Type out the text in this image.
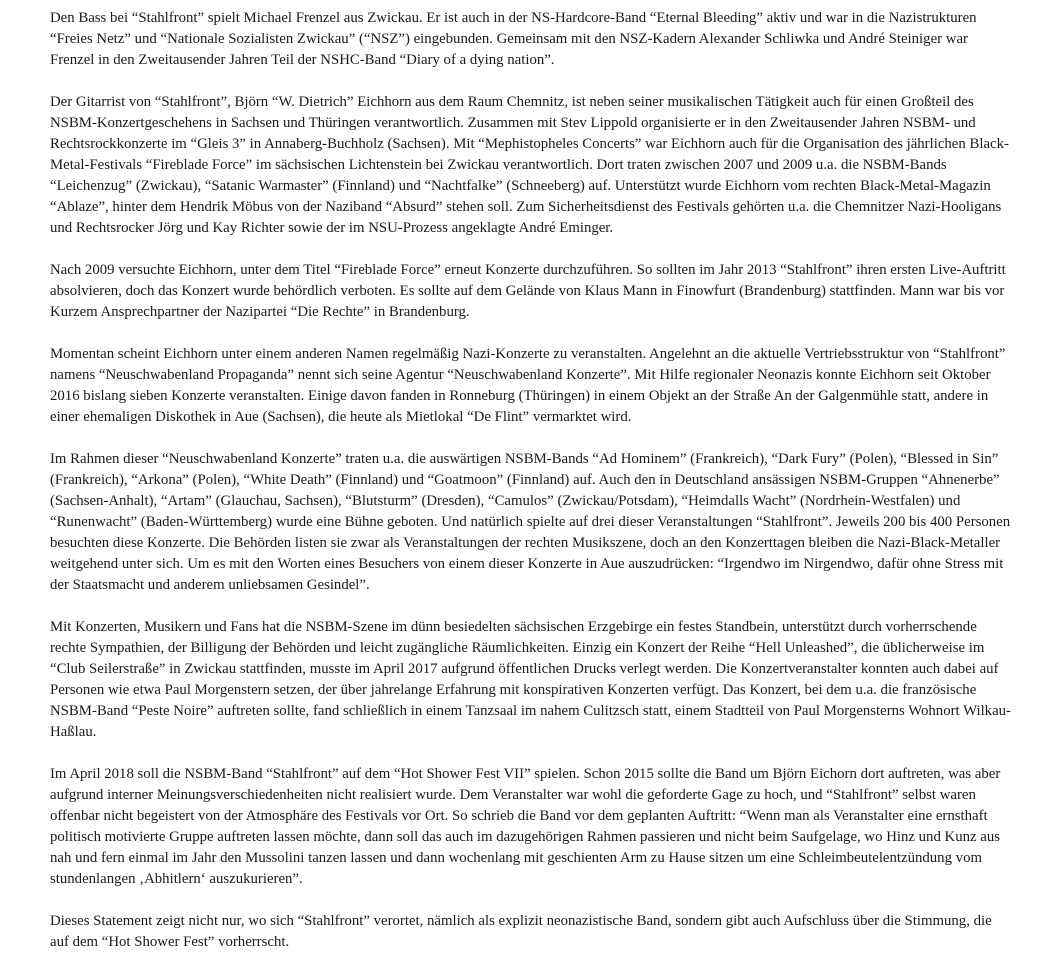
Den Bass bei “Stahlfront” spielt Michael Frenzel aus Zwickau. Er ist auch in der NS-Hardcore-Band “Eternal Bleeding” aktiv und war in die Nazistrukturen “Freies Netz” und “Nationale Sozialisten Zwickau” (“NSZ”) eingebunden. Gemeinsam mit den NSZ-Kadern Alexander Schliwka und André Steiniger war Frenzel in den Zweitausender Jahren Teil der NSHC-Band “Diary of a dying nation”.

Der Gitarrist von “Stahlfront”, Björn “W. Dietrich” Eichhorn aus dem Raum Chemnitz, ist neben seiner musikalischen Tätigkeit auch für einen Großteil des NSBM-Konzertgeschehens in Sachsen und Thüringen verantwortlich. Zusammen mit Stev Lippold organisierte er in den Zweitausender Jahren NSBM- und Rechtsrockkonzerte im “Gleis 3” in Annaberg-Buchholz (Sachsen). Mit “Mephistopheles Concerts” war Eichhorn auch für die Organisation des jährlichen Black-Metal-Festivals “Fireblade Force” im sächsischen Lichtenstein bei Zwickau verantwortlich. Dort traten zwischen 2007 und 2009 u.a. die NSBM-Bands “Leichenzug” (Zwickau), “Satanic Warmaster” (Finnland) und “Nachtfalke” (Schneeberg) auf. Unterstützt wurde Eichhorn vom rechten Black-Metal-Magazin “Ablaze”, hinter dem Hendrik Möbus von der Naziband “Absurd” stehen soll. Zum Sicherheitsdienst des Festivals gehörten u.a. die Chemnitzer Nazi-Hooligans und Rechtsrocker Jörg und Kay Richter sowie der im NSU-Prozess angeklagte André Eminger.

Nach 2009 versuchte Eichhorn, unter dem Titel “Fireblade Force” erneut Konzerte durchzuführen. So sollten im Jahr 2013 “Stahlfront” ihren ersten Live-Auftritt absolvieren, doch das Konzert wurde behördlich verboten. Es sollte auf dem Gelände von Klaus Mann in Finowfurt (Brandenburg) stattfinden. Mann war bis vor Kurzem Ansprechpartner der Nazipartei “Die Rechte” in Brandenburg.

Momentan scheint Eichhorn unter einem anderen Namen regelmäßig Nazi-Konzerte zu veranstalten. Angelehnt an die aktuelle Vertriebsstruktur von “Stahlfront” namens “Neuschwabenland Propaganda” nennt sich seine Agentur “Neuschwabenland Konzerte”. Mit Hilfe regionaler Neonazis konnte Eichhorn seit Oktober 2016 bislang sieben Konzerte veranstalten. Einige davon fanden in Ronneburg (Thüringen) in einem Objekt an der Straße An der Galgenmühle statt, andere in einer ehemaligen Diskothek in Aue (Sachsen), die heute als Mietlokal “De Flint” vermarktet wird.

Im Rahmen dieser “Neuschwabenland Konzerte” traten u.a. die auswärtigen NSBM-Bands “Ad Hominem” (Frankreich), “Dark Fury” (Polen), “Blessed in Sin” (Frankreich), “Arkona” (Polen), “White Death” (Finnland) und “Goatmoon” (Finnland) auf. Auch den in Deutschland ansässigen NSBM-Gruppen “Ahnenerbe” (Sachsen-Anhalt), “Artam” (Glauchau, Sachsen), “Blutsturm” (Dresden), “Camulos” (Zwickau/Potsdam), “Heimdalls Wacht” (Nordrhein-Westfalen) und “Runenwacht” (Baden-Württemberg) wurde eine Bühne geboten. Und natürlich spielte auf drei dieser Veranstaltungen “Stahlfront”. Jeweils 200 bis 400 Personen besuchten diese Konzerte. Die Behörden listen sie zwar als Veranstaltungen der rechten Musikszene, doch an den Konzerttagen bleiben die Nazi-Black-Metaller weitgehend unter sich. Um es mit den Worten eines Besuchers von einem dieser Konzerte in Aue auszudrücken: “Irgendwo im Nirgendwo, dafür ohne Stress mit der Staatsmacht und anderem unliebsamen Gesindel”.

Mit Konzerten, Musikern und Fans hat die NSBM-Szene im dünn besiedelten sächsischen Erzgebirge ein festes Standbein, unterstützt durch vorherrschende rechte Sympathien, der Billigung der Behörden und leicht zugängliche Räumlichkeiten. Einzig ein Konzert der Reihe “Hell Unleashed”, die üblicherweise im “Club Seilerstraße” in Zwickau stattfinden, musste im April 2017 aufgrund öffentlichen Drucks verlegt werden. Die Konzertveranstalter konnten auch dabei auf Personen wie etwa Paul Morgenstern setzen, der über jahrelange Erfahrung mit konspirativen Konzerten verfügt. Das Konzert, bei dem u.a. die französische NSBM-Band “Peste Noire” auftreten sollte, fand schließlich in einem Tanzsaal im nahem Culitzsch statt, einem Stadtteil von Paul Morgensterns Wohnort Wilkau-Haßlau.

Im April 2018 soll die NSBM-Band “Stahlfront” auf dem “Hot Shower Fest VII” spielen. Schon 2015 sollte die Band um Björn Eichorn dort auftreten, was aber aufgrund interner Meinungsverschiedenheiten nicht realisiert wurde. Dem Veranstalter war wohl die geforderte Gage zu hoch, und “Stahlfront” selbst waren offenbar nicht begeistert von der Atmosphäre des Festivals vor Ort. So schrieb die Band vor dem geplanten Auftritt: “Wenn man als Veranstalter eine ernsthaft politisch motivierte Gruppe auftreten lassen möchte, dann soll das auch im dazugehörigen Rahmen passieren und nicht beim Saufgelage, wo Hinz und Kunz aus nah und fern einmal im Jahr den Mussolini tanzen lassen und dann wochenlang mit geschienten Arm zu Hause sitzen um eine Schleimbeutelentzündung vom stundenlangen ‚Abhitlern‘ auszukurieren”.

Dieses Statement zeigt nicht nur, wo sich “Stahlfront” verortet, nämlich als explizit neonazistische Band, sondern gibt auch Aufschluss über die Stimmung, die auf dem “Hot Shower Fest” vorherrscht.
